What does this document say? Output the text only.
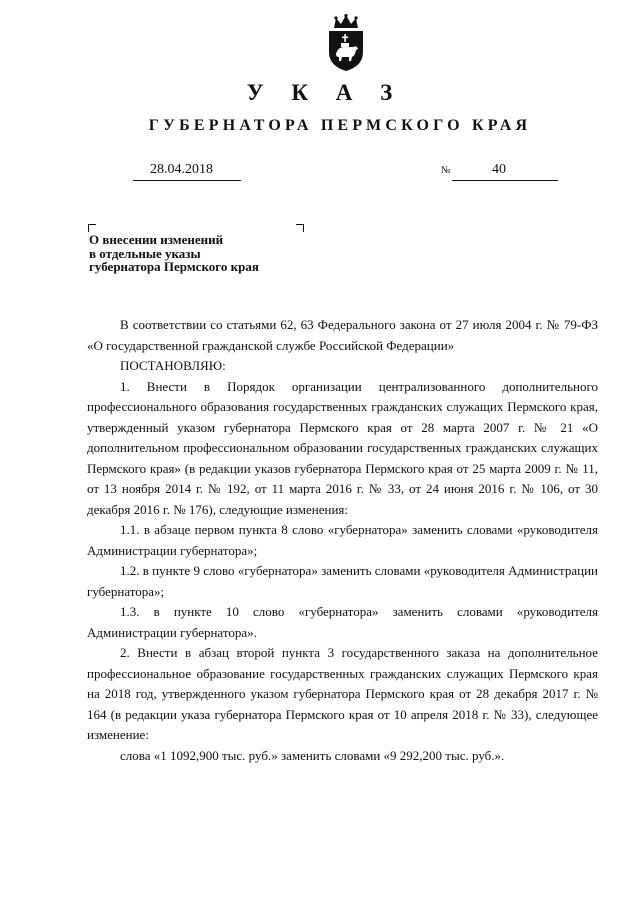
У К А З
ГУБЕРНАТОРА ПЕРМСКОГО КРАЯ
28.04.2018	№	40
О внесении изменений
в отдельные указы
губернатора Пермского края

В соответствии со статьями 62, 63 Федерального закона от 27 июля 2004 г. № 79-ФЗ «О государственной гражданской службе Российской Федерации»

ПОСТАНОВЛЯЮ:

1. Внести в Порядок организации централизованного дополнительного профессионального образования государственных гражданских служащих Пермского края, утвержденный указом губернатора Пермского края от 28 марта 2007 г. № 21 «О дополнительном профессиональном образовании государственных гражданских служащих Пермского края» (в редакции указов губернатора Пермского края от 25 марта 2009 г. № 11, от 13 ноября 2014 г. № 192, от 11 марта 2016 г. № 33, от 24 июня 2016 г. № 106, от 30 декабря 2016 г. № 176), следующие изменения:

1.1. в абзаце первом пункта 8 слово «губернатора» заменить словами «руководителя Администрации губернатора»;

1.2. в пункте 9 слово «губернатора» заменить словами «руководителя Администрации губернатора»;

1.3. в пункте 10 слово «губернатора» заменить словами «руководителя Администрации губернатора».

2. Внести в абзац второй пункта 3 государственного заказа на дополнительное профессиональное образование государственных гражданских служащих Пермского края на 2018 год, утвержденного указом губернатора Пермского края от 28 декабря 2017 г. № 164 (в редакции указа губернатора Пермского края от 10 апреля 2018 г. № 33), следующее изменение:

слова «1 1092,900 тыс. руб.» заменить словами «9 292,200 тыс. руб.».
